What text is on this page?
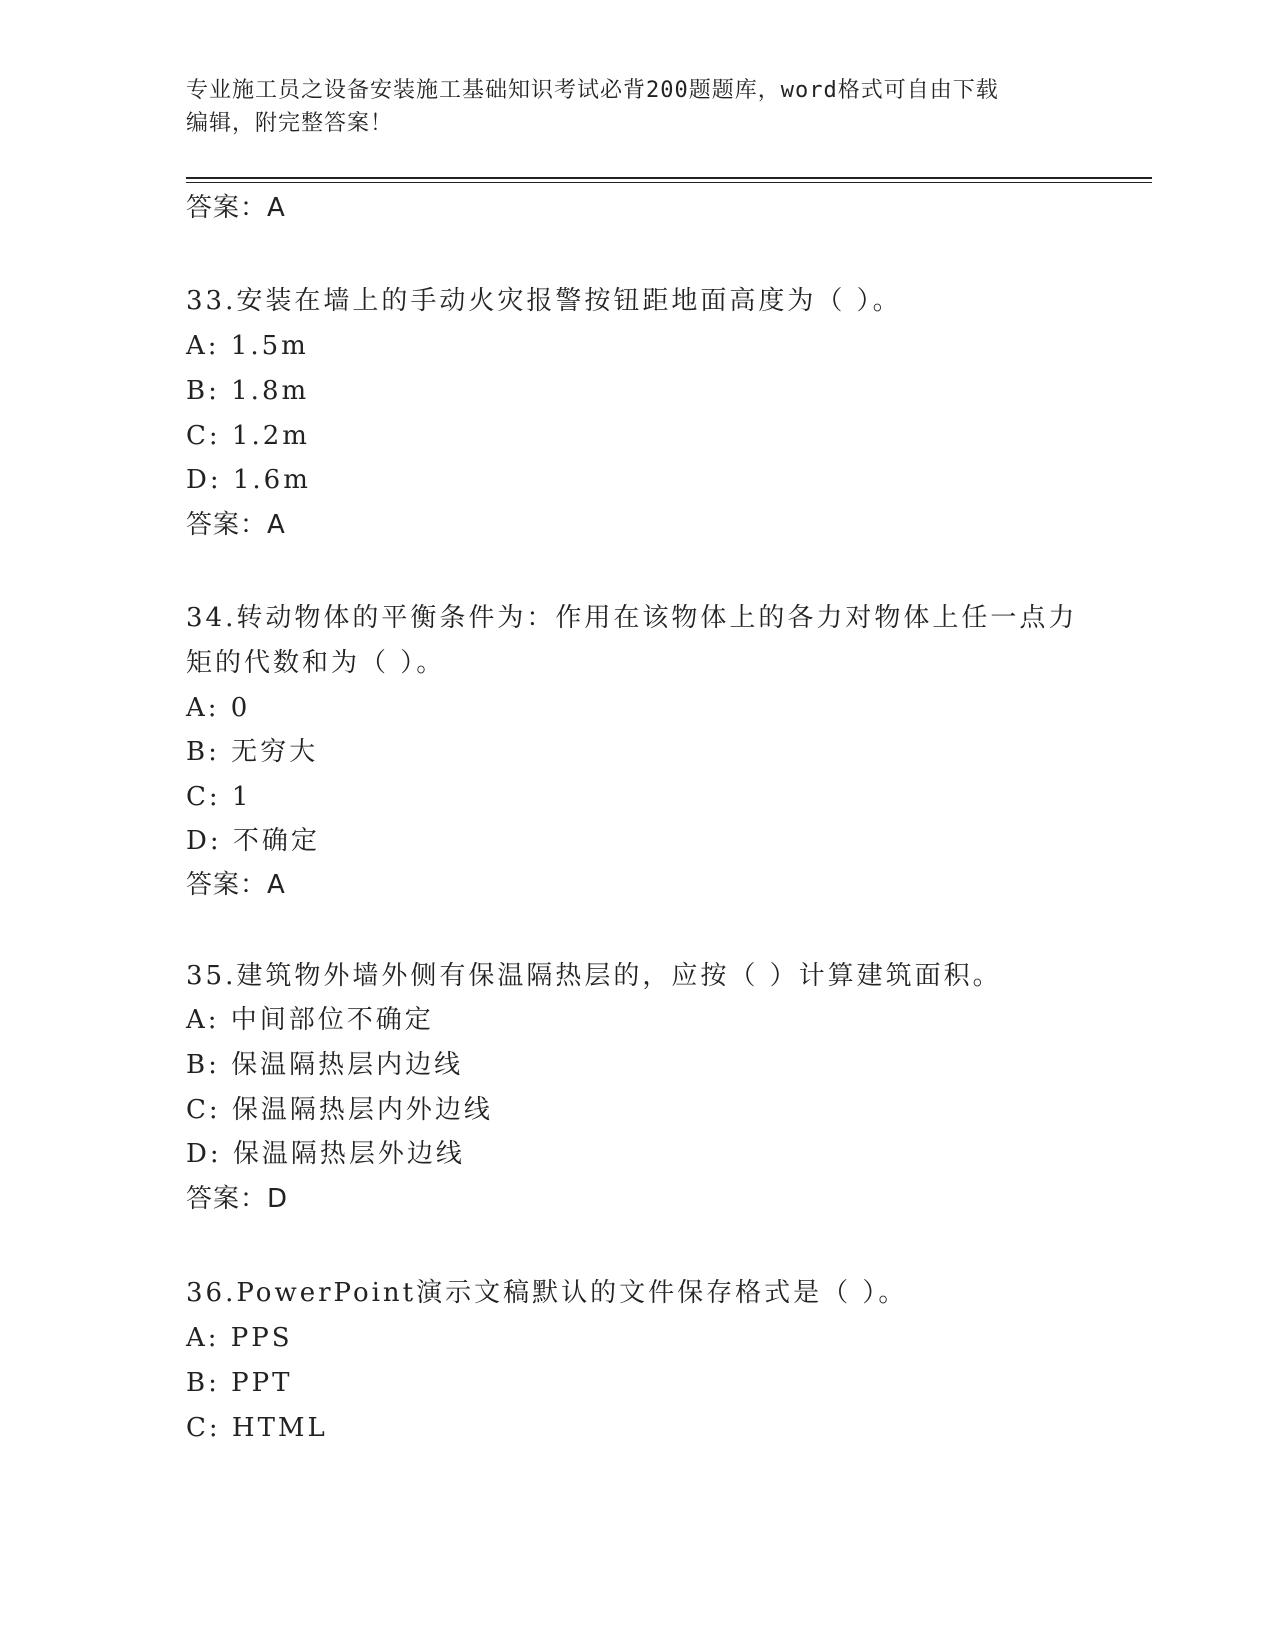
专业施工员之设备安装施工基础知识考试必背200题题库，word格式可自由下载
编辑，附完整答案！
答案：A
33.安装在墙上的手动火灾报警按钮距地面高度为（ ）。
A: 1.5m
B: 1.8m
C: 1.2m
D: 1.6m
答案：A
34.转动物体的平衡条件为：作用在该物体上的各力对物体上任一点力
矩的代数和为（ ）。
A: 0
B: 无穷大
C: 1
D: 不确定
答案：A
35.建筑物外墙外侧有保温隔热层的，应按（ ）计算建筑面积。
A: 中间部位不确定
B: 保温隔热层内边线
C: 保温隔热层内外边线
D: 保温隔热层外边线
答案：D
36.PowerPoint演示文稿默认的文件保存格式是（ ）。
A: PPS
B: PPT
C: HTML
